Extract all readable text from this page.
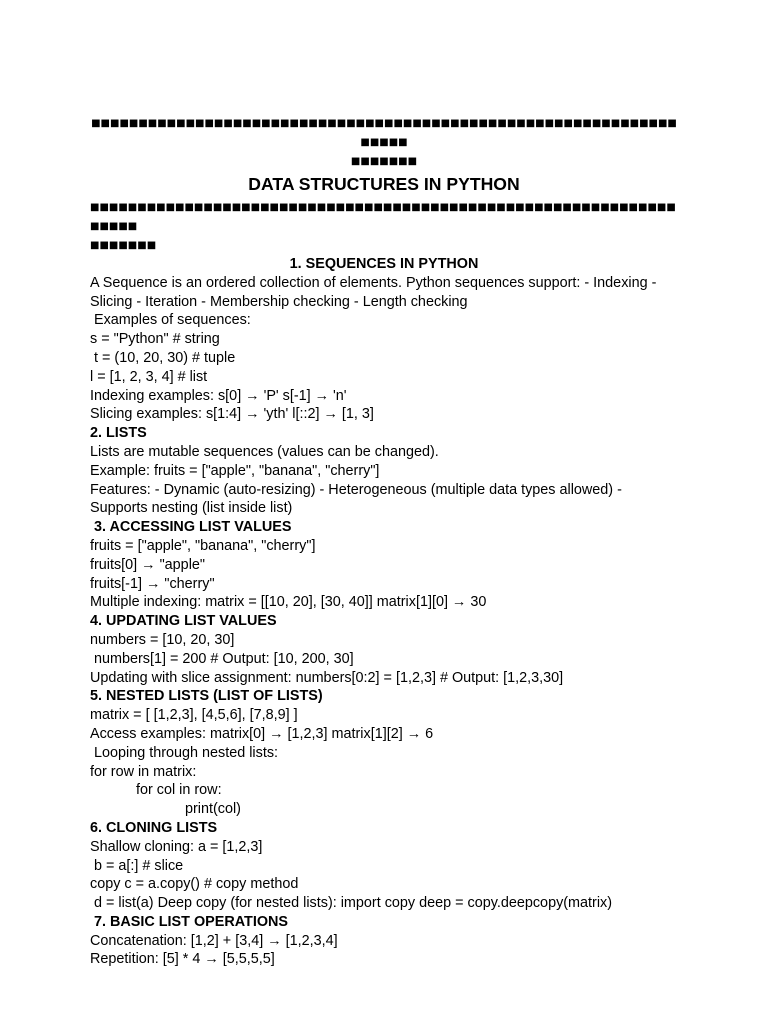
■■■■■■■■■■■■■■■■■■■■■■■■■■■■■■■■■■■■■■■■■■■■■■■■■■■■■■■■■■■■■■■■■■■
■■■■■■■
DATA STRUCTURES IN PYTHON
■■■■■■■■■■■■■■■■■■■■■■■■■■■■■■■■■■■■■■■■■■■■■■■■■■■■■■■■■■■■■■■■■■■
■■■■■■■

1. SEQUENCES IN PYTHON

A Sequence is an ordered collection of elements. Python sequences support: - Indexing -

Slicing - Iteration - Membership checking - Length checking

Examples of sequences:

s = "Python" # string

t = (10, 20, 30) # tuple

l = [1, 2, 3, 4] # list

Indexing examples: s[0] → 'P' s[-1] → 'n'

Slicing examples: s[1:4] → 'yth' l[::2] → [1, 3]

2. LISTS

Lists are mutable sequences (values can be changed).

Example: fruits = ["apple", "banana", "cherry"]

Features: - Dynamic (auto-resizing) - Heterogeneous (multiple data types allowed) -

Supports nesting (list inside list)

3. ACCESSING LIST VALUES

fruits = ["apple", "banana", "cherry"]

fruits[0] → "apple"

fruits[-1] → "cherry"

Multiple indexing: matrix = [[10, 20], [30, 40]] matrix[1][0] → 30

4. UPDATING LIST VALUES

numbers = [10, 20, 30]

numbers[1] = 200 # Output: [10, 200, 30]

Updating with slice assignment: numbers[0:2] = [1,2,3] # Output: [1,2,3,30]

5. NESTED LISTS (LIST OF LISTS)

matrix = [ [1,2,3], [4,5,6], [7,8,9] ]

Access examples: matrix[0] → [1,2,3] matrix[1][2] → 6

Looping through nested lists:

for row in matrix:

for col in row:

print(col)

6. CLONING LISTS

Shallow cloning: a = [1,2,3]

b = a[:] # slice

copy c = a.copy() # copy method

d = list(a) Deep copy (for nested lists): import copy deep = copy.deepcopy(matrix)

7. BASIC LIST OPERATIONS

Concatenation: [1,2] + [3,4] → [1,2,3,4]

Repetition: [5] * 4 → [5,5,5,5]
